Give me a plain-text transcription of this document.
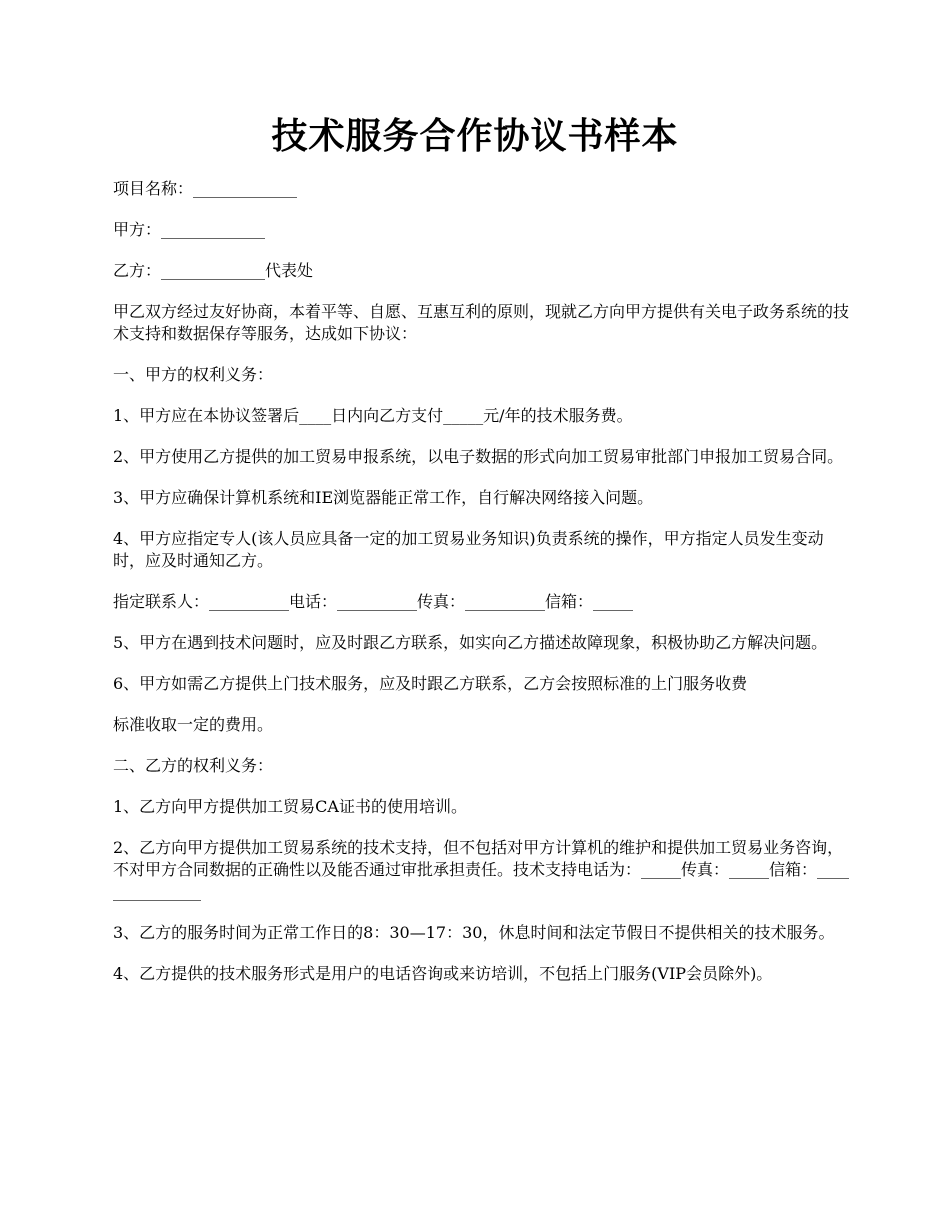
技术服务合作协议书样本

项目名称：_____________

甲方：_____________

乙方：_____________代表处

甲乙双方经过友好协商，本着平等、自愿、互惠互利的原则，现就乙方向甲方提供有关电子政务系统的技术支持和数据保存等服务，达成如下协议：

一、甲方的权利义务：

1、甲方应在本协议签署后____日内向乙方支付_____元/年的技术服务费。

2、甲方使用乙方提供的加工贸易申报系统，以电子数据的形式向加工贸易审批部门申报加工贸易合同。

3、甲方应确保计算机系统和IE浏览器能正常工作，自行解决网络接入问题。

4、甲方应指定专人(该人员应具备一定的加工贸易业务知识)负责系统的操作，甲方指定人员发生变动时，应及时通知乙方。

指定联系人：__________电话：__________传真：__________信箱：_____

5、甲方在遇到技术问题时，应及时跟乙方联系，如实向乙方描述故障现象，积极协助乙方解决问题。

6、甲方如需乙方提供上门技术服务，应及时跟乙方联系，乙方会按照标准的上门服务收费

标准收取一定的费用。

二、乙方的权利义务：

1、乙方向甲方提供加工贸易CA证书的使用培训。

2、乙方向甲方提供加工贸易系统的技术支持，但不包括对甲方计算机的维护和提供加工贸易业务咨询，不对甲方合同数据的正确性以及能否通过审批承担责任。技术支持电话为：_____传真：_____信箱：_______________

3、乙方的服务时间为正常工作日的8：30—17：30，休息时间和法定节假日不提供相关的技术服务。

4、乙方提供的技术服务形式是用户的电话咨询或来访培训，不包括上门服务(VIP会员除外)。
